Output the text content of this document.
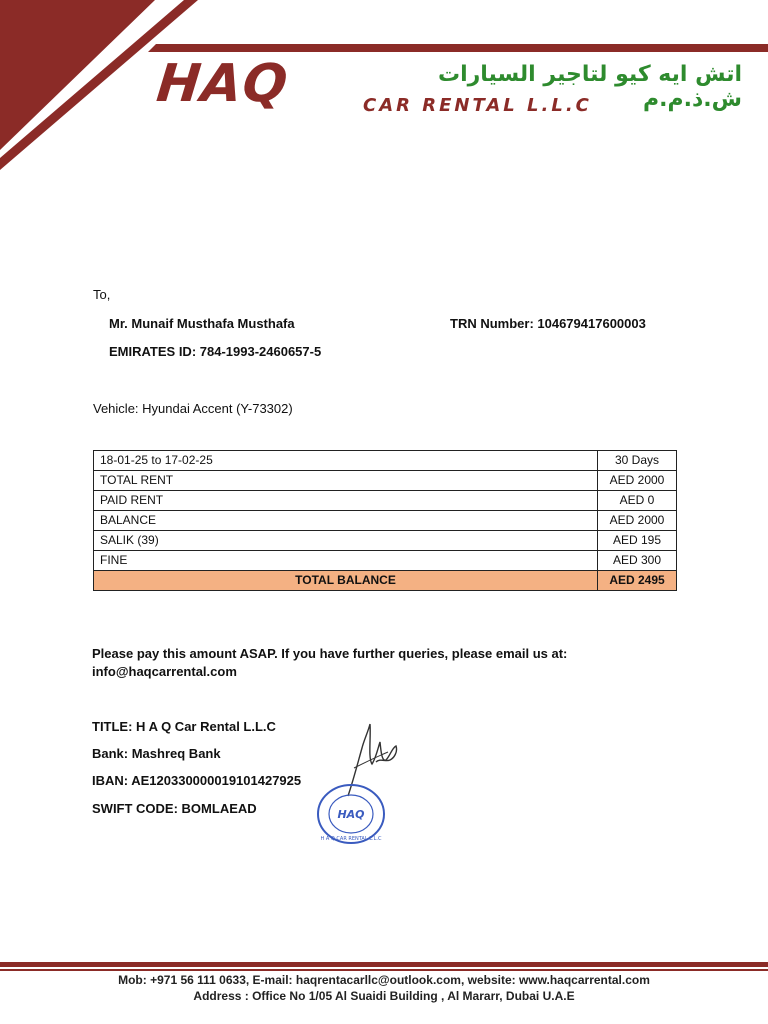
HAQ	CAR RENTAL L.L.C
اتش ايه كيو لتاجير السيارات ش.ذ.م.م
To,
Mr. Munaif Musthafa Musthafa	TRN Number: 104679417600003
EMIRATES ID: 784-1993-2460657-5
Vehicle: Hyundai Accent (Y-73302)
18-01-25 to 17-02-25	30 Days
TOTAL RENT	AED 2000
PAID RENT	AED 0
BALANCE	AED 2000
SALIK (39)	AED 195
FINE	AED 300
TOTAL BALANCE	AED 2495
Please pay this amount ASAP. If you have further queries, please email us at:
info@haqcarrental.com
TITLE: H A Q Car Rental L.L.C
Bank: Mashreq Bank
IBAN: AE120330000019101427925
SWIFT CODE: BOMLAEAD	HAQ
H A Q CAR RENTAL L.L.C
Mob: +971 56 111 0633, E-mail: haqrentacarllc@outlook.com, website: www.haqcarrental.com
Address : Office No 1/05 Al Suaidi Building , Al Mararr, Dubai U.A.E
